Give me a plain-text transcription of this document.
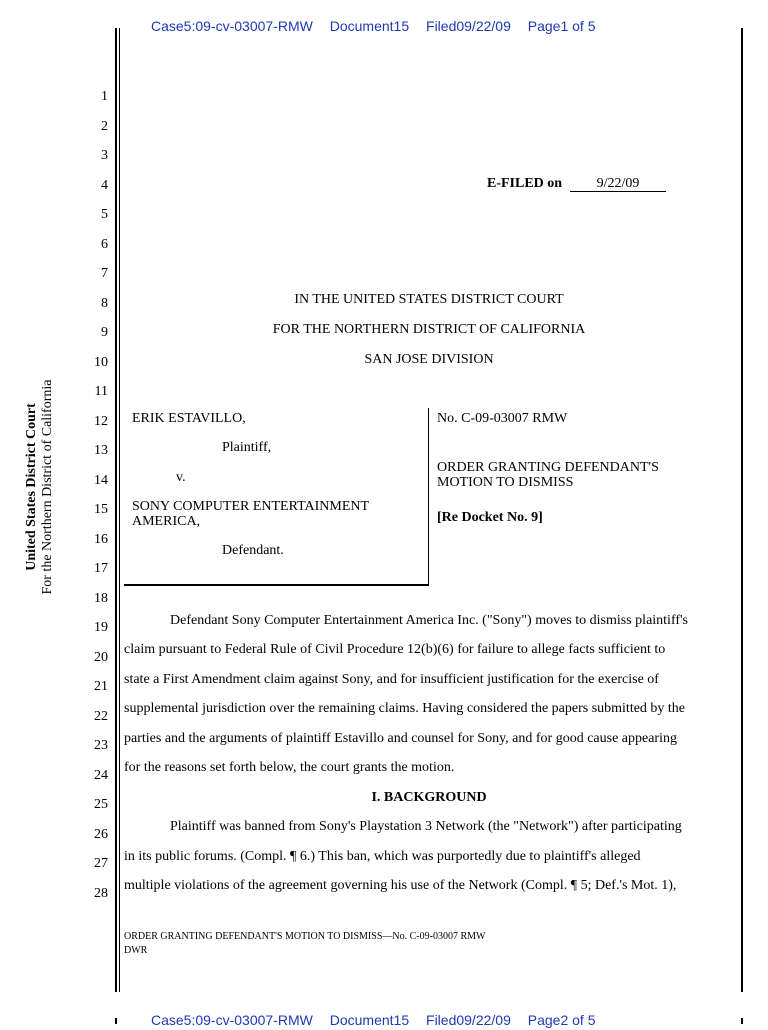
Case5:09-cv-03007-RMW Document15 Filed09/22/09 Page1 of 5
United States District Court For the Northern District of California
1
2
3
4
5
6
7
8
9
10
11
12
13
14
15
16
17
18
19
20
21
22
23
24
25
26
27
28
E-FILED on	9/22/09
IN THE UNITED STATES DISTRICT COURT
FOR THE NORTHERN DISTRICT OF CALIFORNIA
SAN JOSE DIVISION
ERIK ESTAVILLO,
Plaintiff,
v.
SONY COMPUTER ENTERTAINMENT
AMERICA,
Defendant.
No. C-09-03007 RMW
ORDER GRANTING DEFENDANT'S
MOTION TO DISMISS
[Re Docket No. 9]
Defendant Sony Computer Entertainment America Inc. ("Sony") moves to dismiss plaintiff's
claim pursuant to Federal Rule of Civil Procedure 12(b)(6) for failure to allege facts sufficient to
state a First Amendment claim against Sony, and for insufficient justification for the exercise of
supplemental jurisdiction over the remaining claims. Having considered the papers submitted by the
parties and the arguments of plaintiff Estavillo and counsel for Sony, and for good cause appearing
for the reasons set forth below, the court grants the motion.
I. BACKGROUND
Plaintiff was banned from Sony's Playstation 3 Network (the "Network") after participating
in its public forums. (Compl. ¶ 6.) This ban, which was purportedly due to plaintiff's alleged
multiple violations of the agreement governing his use of the Network (Compl. ¶ 5; Def.'s Mot. 1),
ORDER GRANTING DEFENDANT'S MOTION TO DISMISS—No. C-09-03007 RMW
DWR
Case5:09-cv-03007-RMW Document15 Filed09/22/09 Page2 of 5
